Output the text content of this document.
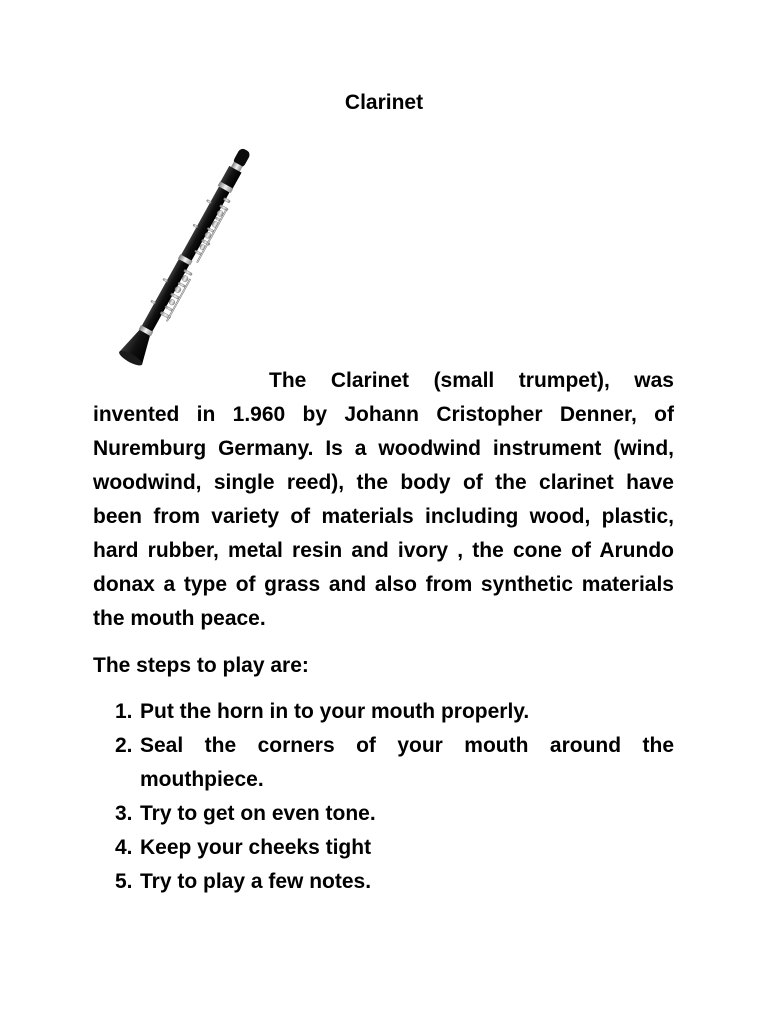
Clarinet

The Clarinet (small trumpet), was invented in 1.960 by Johann Cristopher Denner, of Nuremburg Germany. Is a woodwind instrument (wind, woodwind, single reed), the body of the clarinet have been from variety of materials including wood, plastic, hard rubber, metal resin and ivory , the cone of Arundo donax a type of grass and also from synthetic materials the mouth peace.

The steps to play are:

1. Put the horn in to your mouth properly.
2. Seal the corners of your mouth around the mouthpiece.
3. Try to get on even tone.
4. Keep your cheeks tight
5. Try to play a few notes.
